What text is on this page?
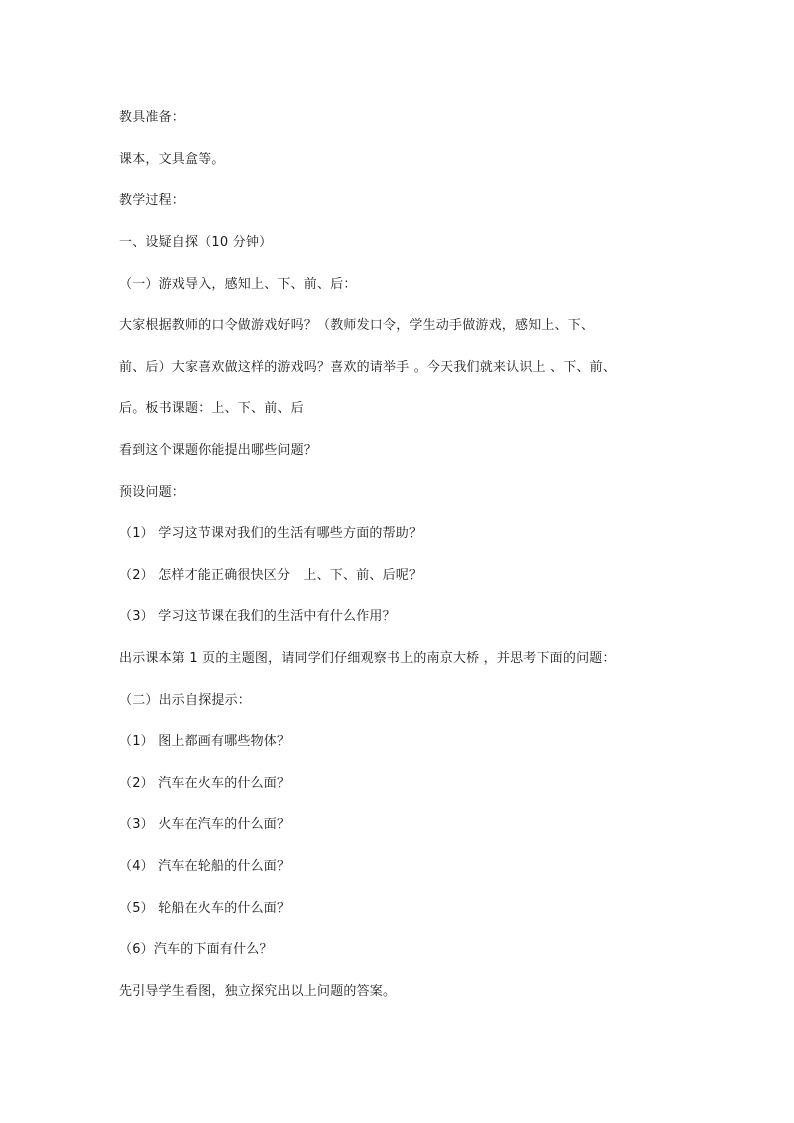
教具准备：
课本，文具盒等。
教学过程：
一、设疑自探（10 分钟）
（一）游戏导入，感知上、下、前、后：
大家根据教师的口令做游戏好吗？（教师发口令，学生动手做游戏，感知上、下、
前、后）大家喜欢做这样的游戏吗？喜欢的请举手 。今天我们就来认识上 、下、前、
后。板书课题：上、下、前、后
看到这个课题你能提出哪些问题？
预设问题：
（1） 学习这节课对我们的生活有哪些方面的帮助？
（2） 怎样才能正确很快区分　上、下、前、后呢？
（3） 学习这节课在我们的生活中有什么作用？
出示课本第 1 页的主题图，请同学们仔细观察书上的南京大桥 ，并思考下面的问题：
（二）出示自探提示：
（1） 图上都画有哪些物体？
（2） 汽车在火车的什么面？
（3） 火车在汽车的什么面？
（4） 汽车在轮船的什么面？
（5） 轮船在火车的什么面？
（6）汽车的下面有什么？
先引导学生看图，独立探究出以上问题的答案。
